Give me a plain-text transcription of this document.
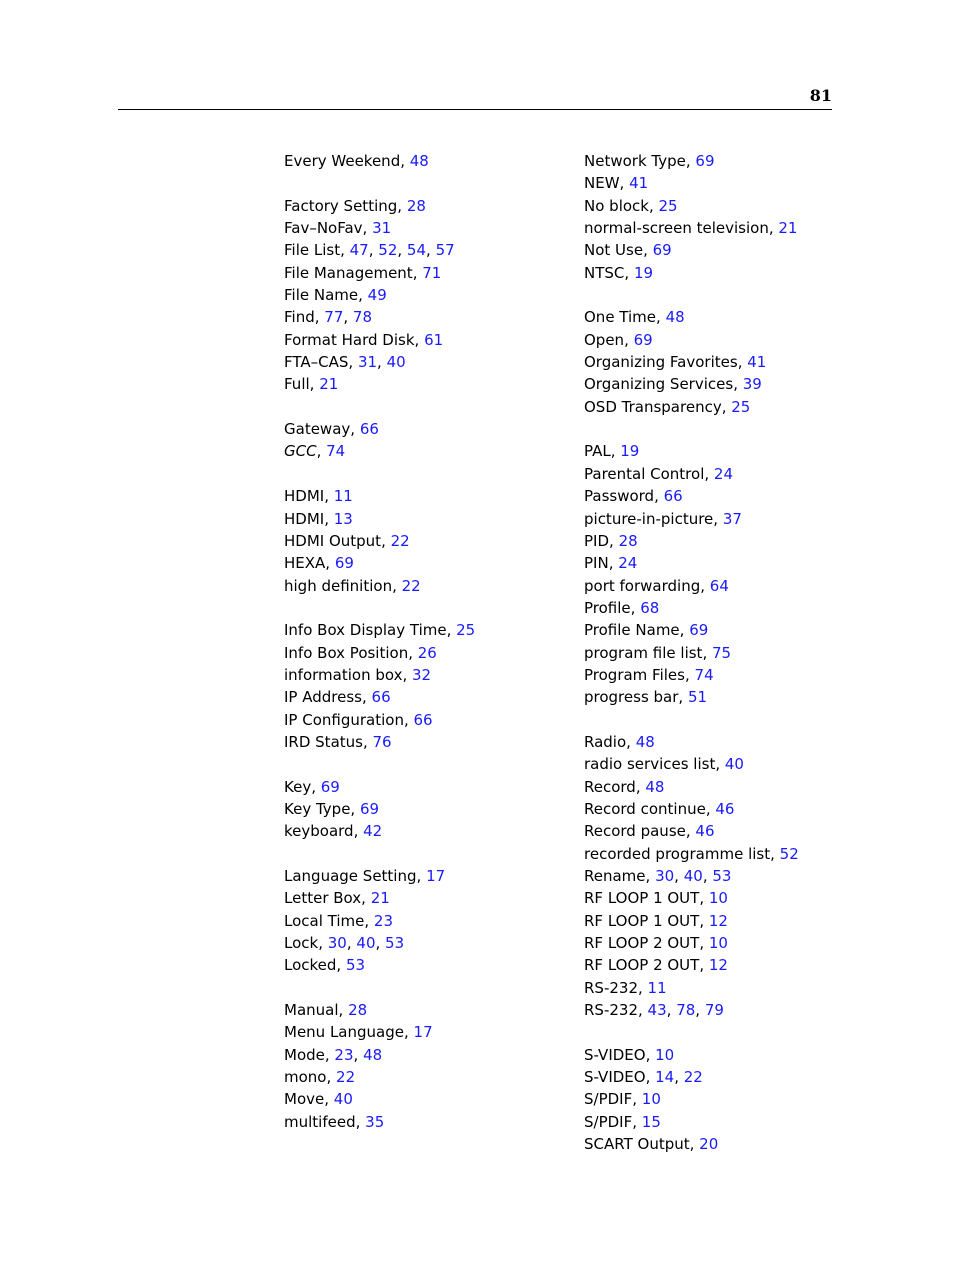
81
Every Weekend, 48
Factory Setting, 28
Fav–NoFav, 31
File List, 47, 52, 54, 57
File Management, 71
File Name, 49
Find, 77, 78
Format Hard Disk, 61
FTA–CAS, 31, 40
Full, 21
Gateway, 66
GCC, 74
HDMI, 11
HDMI, 13
HDMI Output, 22
HEXA, 69
high definition, 22
Info Box Display Time, 25
Info Box Position, 26
information box, 32
IP Address, 66
IP Configuration, 66
IRD Status, 76
Key, 69
Key Type, 69
keyboard, 42
Language Setting, 17
Letter Box, 21
Local Time, 23
Lock, 30, 40, 53
Locked, 53
Manual, 28
Menu Language, 17
Mode, 23, 48
mono, 22
Move, 40
multifeed, 35
Network Type, 69
NEW, 41
No block, 25
normal-screen television, 21
Not Use, 69
NTSC, 19
One Time, 48
Open, 69
Organizing Favorites, 41
Organizing Services, 39
OSD Transparency, 25
PAL, 19
Parental Control, 24
Password, 66
picture-in-picture, 37
PID, 28
PIN, 24
port forwarding, 64
Profile, 68
Profile Name, 69
program file list, 75
Program Files, 74
progress bar, 51
Radio, 48
radio services list, 40
Record, 48
Record continue, 46
Record pause, 46
recorded programme list, 52
Rename, 30, 40, 53
RF LOOP 1 OUT, 10
RF LOOP 1 OUT, 12
RF LOOP 2 OUT, 10
RF LOOP 2 OUT, 12
RS-232, 11
RS-232, 43, 78, 79
S-VIDEO, 10
S-VIDEO, 14, 22
S/PDIF, 10
S/PDIF, 15
SCART Output, 20
